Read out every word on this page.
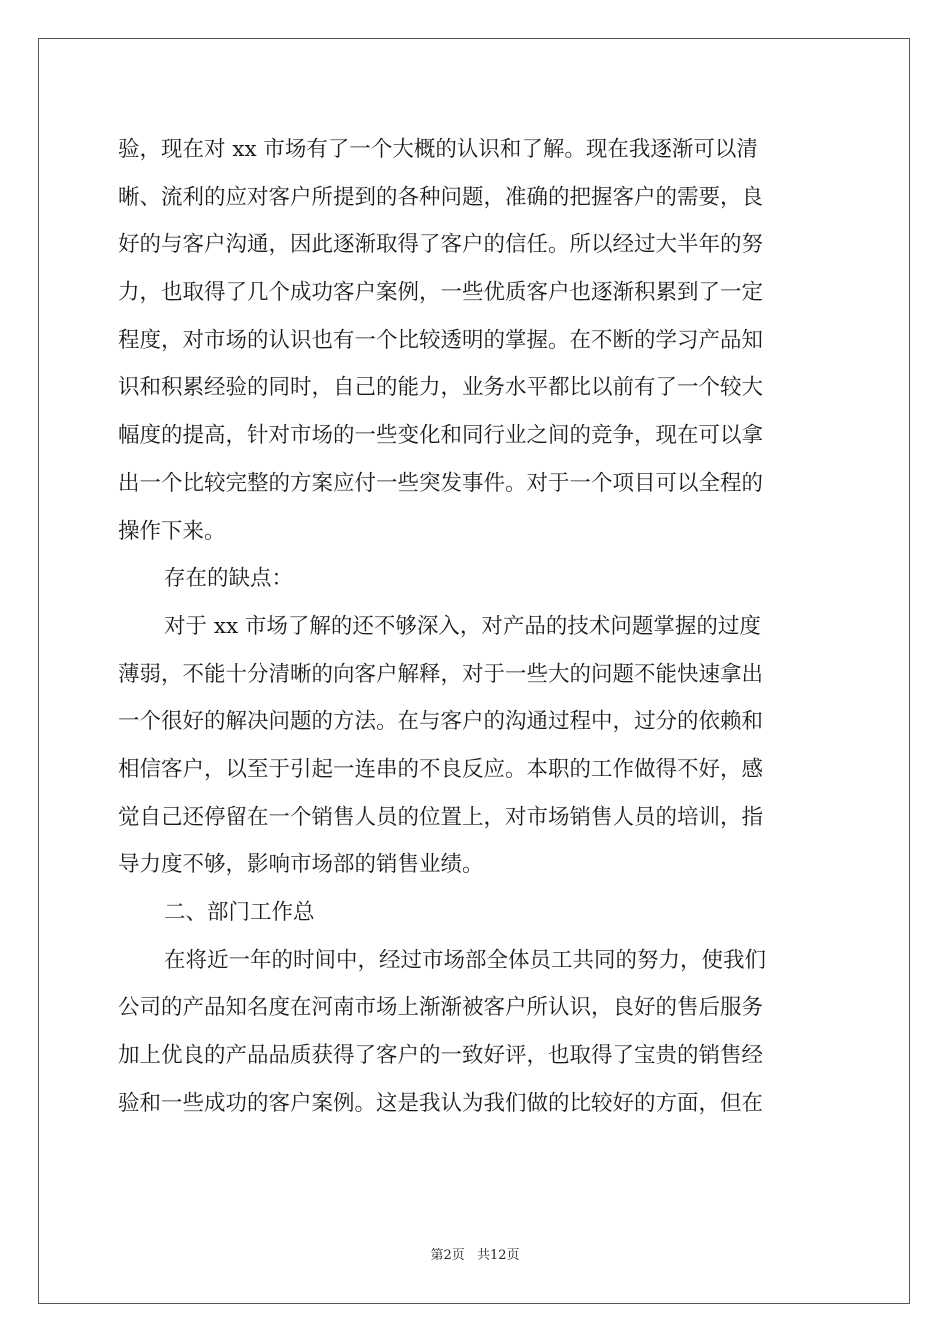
验，现在对 xx 市场有了一个大概的认识和了解。现在我逐渐可以清
晰、流利的应对客户所提到的各种问题，准确的把握客户的需要，良
好的与客户沟通，因此逐渐取得了客户的信任。所以经过大半年的努
力，也取得了几个成功客户案例，一些优质客户也逐渐积累到了一定
程度，对市场的认识也有一个比较透明的掌握。在不断的学习产品知
识和积累经验的同时，自己的能力，业务水平都比以前有了一个较大
幅度的提高，针对市场的一些变化和同行业之间的竞争，现在可以拿
出一个比较完整的方案应付一些突发事件。对于一个项目可以全程的
操作下来。
存在的缺点：
对于 xx 市场了解的还不够深入，对产品的技术问题掌握的过度
薄弱，不能十分清晰的向客户解释，对于一些大的问题不能快速拿出
一个很好的解决问题的方法。在与客户的沟通过程中，过分的依赖和
相信客户，以至于引起一连串的不良反应。本职的工作做得不好，感
觉自己还停留在一个销售人员的位置上，对市场销售人员的培训，指
导力度不够，影响市场部的销售业绩。
二、部门工作总
在将近一年的时间中，经过市场部全体员工共同的努力，使我们
公司的产品知名度在河南市场上渐渐被客户所认识，良好的售后服务
加上优良的产品品质获得了客户的一致好评，也取得了宝贵的销售经
验和一些成功的客户案例。这是我认为我们做的比较好的方面，但在
第2页 共12页
